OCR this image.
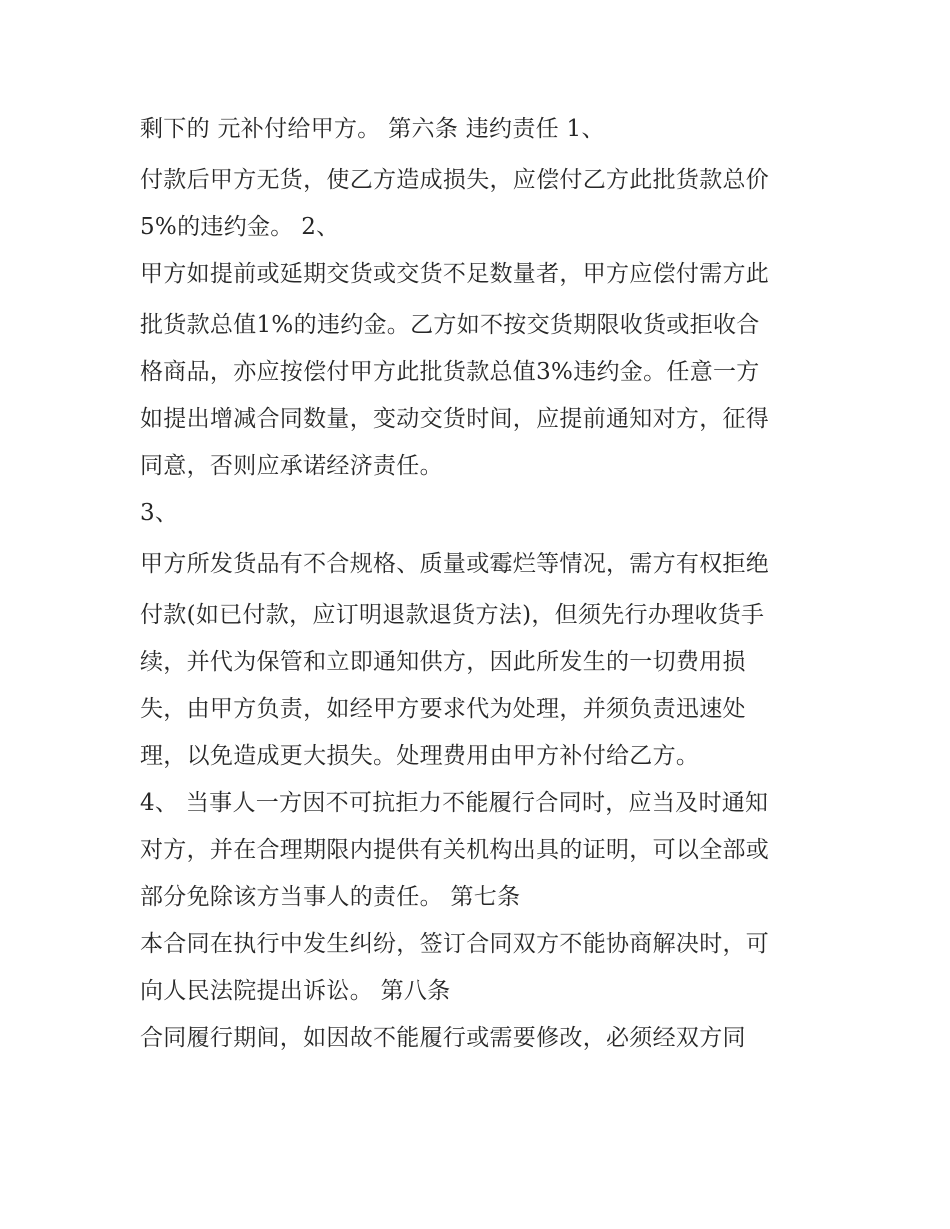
剩下的 元补付给甲方。 第六条 违约责任 1、

付款后甲方无货，使乙方造成损失，应偿付乙方此批货款总价

5%的违约金。 2、

甲方如提前或延期交货或交货不足数量者，甲方应偿付需方此

批货款总值1%的违约金。乙方如不按交货期限收货或拒收合

格商品，亦应按偿付甲方此批货款总值3%违约金。任意一方

如提出增减合同数量，变动交货时间，应提前通知对方，征得

同意，否则应承诺经济责任。

3、

甲方所发货品有不合规格、质量或霉烂等情况，需方有权拒绝

付款(如已付款，应订明退款退货方法)，但须先行办理收货手

续，并代为保管和立即通知供方，因此所发生的一切费用损

失，由甲方负责，如经甲方要求代为处理，并须负责迅速处

理，以免造成更大损失。处理费用由甲方补付给乙方。

4、 当事人一方因不可抗拒力不能履行合同时，应当及时通知

对方，并在合理期限内提供有关机构出具的证明，可以全部或

部分免除该方当事人的责任。 第七条

本合同在执行中发生纠纷，签订合同双方不能协商解决时，可

向人民法院提出诉讼。 第八条

合同履行期间，如因故不能履行或需要修改，必须经双方同
